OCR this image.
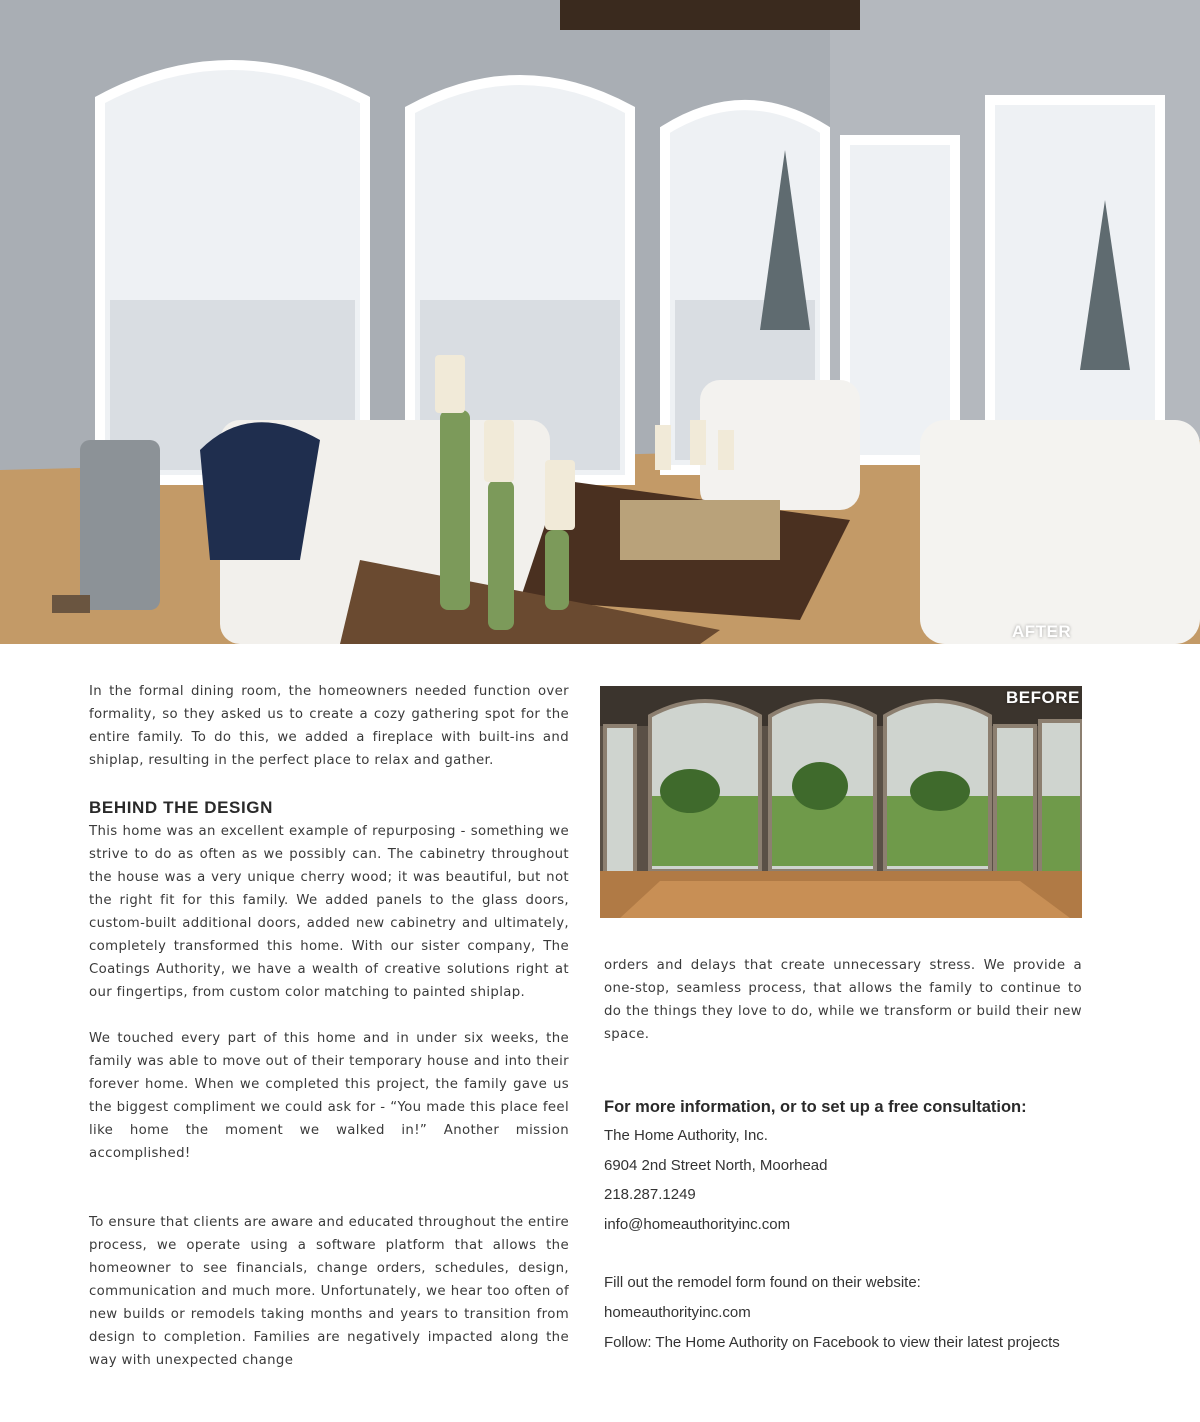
AFTER

In the formal dining room, the homeowners needed function over formality, so they asked us to create a cozy gathering spot for the entire family. To do this, we added a fireplace with built-ins and shiplap, resulting in the perfect place to relax and gather.

BEHIND THE DESIGN

This home was an excellent example of repurposing - something we strive to do as often as we possibly can. The cabinetry throughout the house was a very unique cherry wood; it was beautiful, but not the right fit for this family. We added panels to the glass doors, custom-built additional doors, added new cabinetry and ultimately, completely transformed this home. With our sister company, The Coatings Authority, we have a wealth of creative solutions right at our fingertips, from custom color matching to painted shiplap.

We touched every part of this home and in under six weeks, the family was able to move out of their temporary house and into their forever home. When we completed this project, the family gave us the biggest compliment we could ask for - “You made this place feel like home the moment we walked in!” Another mission accomplished!

To ensure that clients are aware and educated throughout the entire process, we operate using a software platform that allows the homeowner to see financials, change orders, schedules, design, communication and much more. Unfortunately, we hear too often of new builds or remodels taking months and years to transition from design to completion. Families are negatively impacted along the way with unexpected change

BEFORE

orders and delays that create unnecessary stress. We provide a one-stop, seamless process, that allows the family to continue to do the things they love to do, while we transform or build their new space.

For more information, or to set up a free consultation:

The Home Authority, Inc.

6904 2nd Street North, Moorhead

218.287.1249

info@homeauthorityinc.com

Fill out the remodel form found on their website:

homeauthorityinc.com

Follow: The Home Authority on Facebook to view their latest projects
